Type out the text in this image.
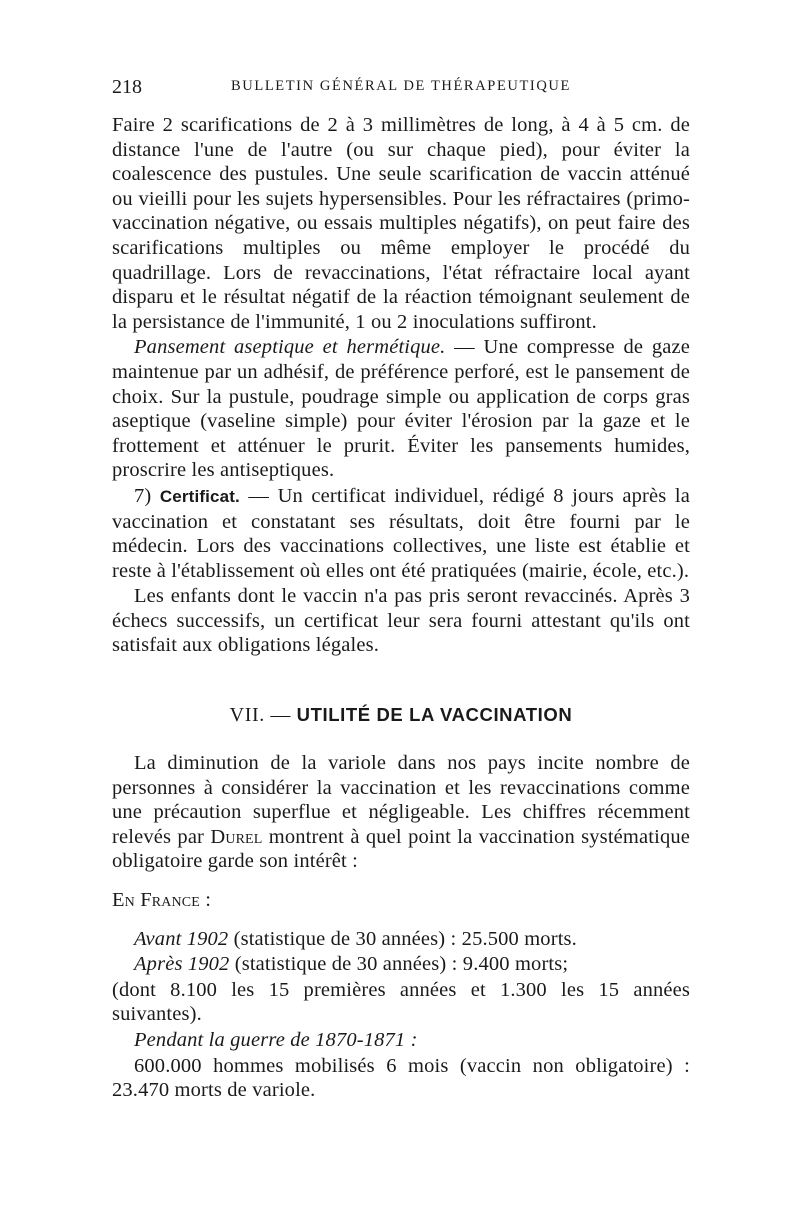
218	BULLETIN GÉNÉRAL DE THÉRAPEUTIQUE

Faire 2 scarifications de 2 à 3 millimètres de long, à 4 à 5 cm. de distance l'une de l'autre (ou sur chaque pied), pour éviter la coalescence des pustules. Une seule scarification de vaccin atténué ou vieilli pour les sujets hypersensibles. Pour les réfractaires (primo-vaccination négative, ou essais multiples négatifs), on peut faire des scarifications multiples ou même employer le procédé du quadrillage. Lors de revaccinations, l'état réfractaire local ayant disparu et le résultat négatif de la réaction témoignant seulement de la persistance de l'immunité, 1 ou 2 inoculations suffiront.

Pansement aseptique et hermétique. — Une compresse de gaze maintenue par un adhésif, de préférence perforé, est le pansement de choix. Sur la pustule, poudrage simple ou application de corps gras aseptique (vaseline simple) pour éviter l'érosion par la gaze et le frottement et atténuer le prurit. Éviter les pansements humides, proscrire les antiseptiques.

7) Certificat. — Un certificat individuel, rédigé 8 jours après la vaccination et constatant ses résultats, doit être fourni par le médecin. Lors des vaccinations collectives, une liste est établie et reste à l'établissement où elles ont été pratiquées (mairie, école, etc.).

Les enfants dont le vaccin n'a pas pris seront revaccinés. Après 3 échecs successifs, un certificat leur sera fourni attestant qu'ils ont satisfait aux obligations légales.

VII. — UTILITÉ DE LA VACCINATION

La diminution de la variole dans nos pays incite nombre de personnes à considérer la vaccination et les revaccinations comme une précaution superflue et négligeable. Les chiffres récemment relevés par Durel montrent à quel point la vaccination systématique obligatoire garde son intérêt :

En France :

Avant 1902 (statistique de 30 années) : 25.500 morts.

Après 1902 (statistique de 30 années) : 9.400 morts;

(dont 8.100 les 15 premières années et 1.300 les 15 années suivantes).

Pendant la guerre de 1870-1871 :

600.000 hommes mobilisés 6 mois (vaccin non obligatoire) : 23.470 morts de variole.
